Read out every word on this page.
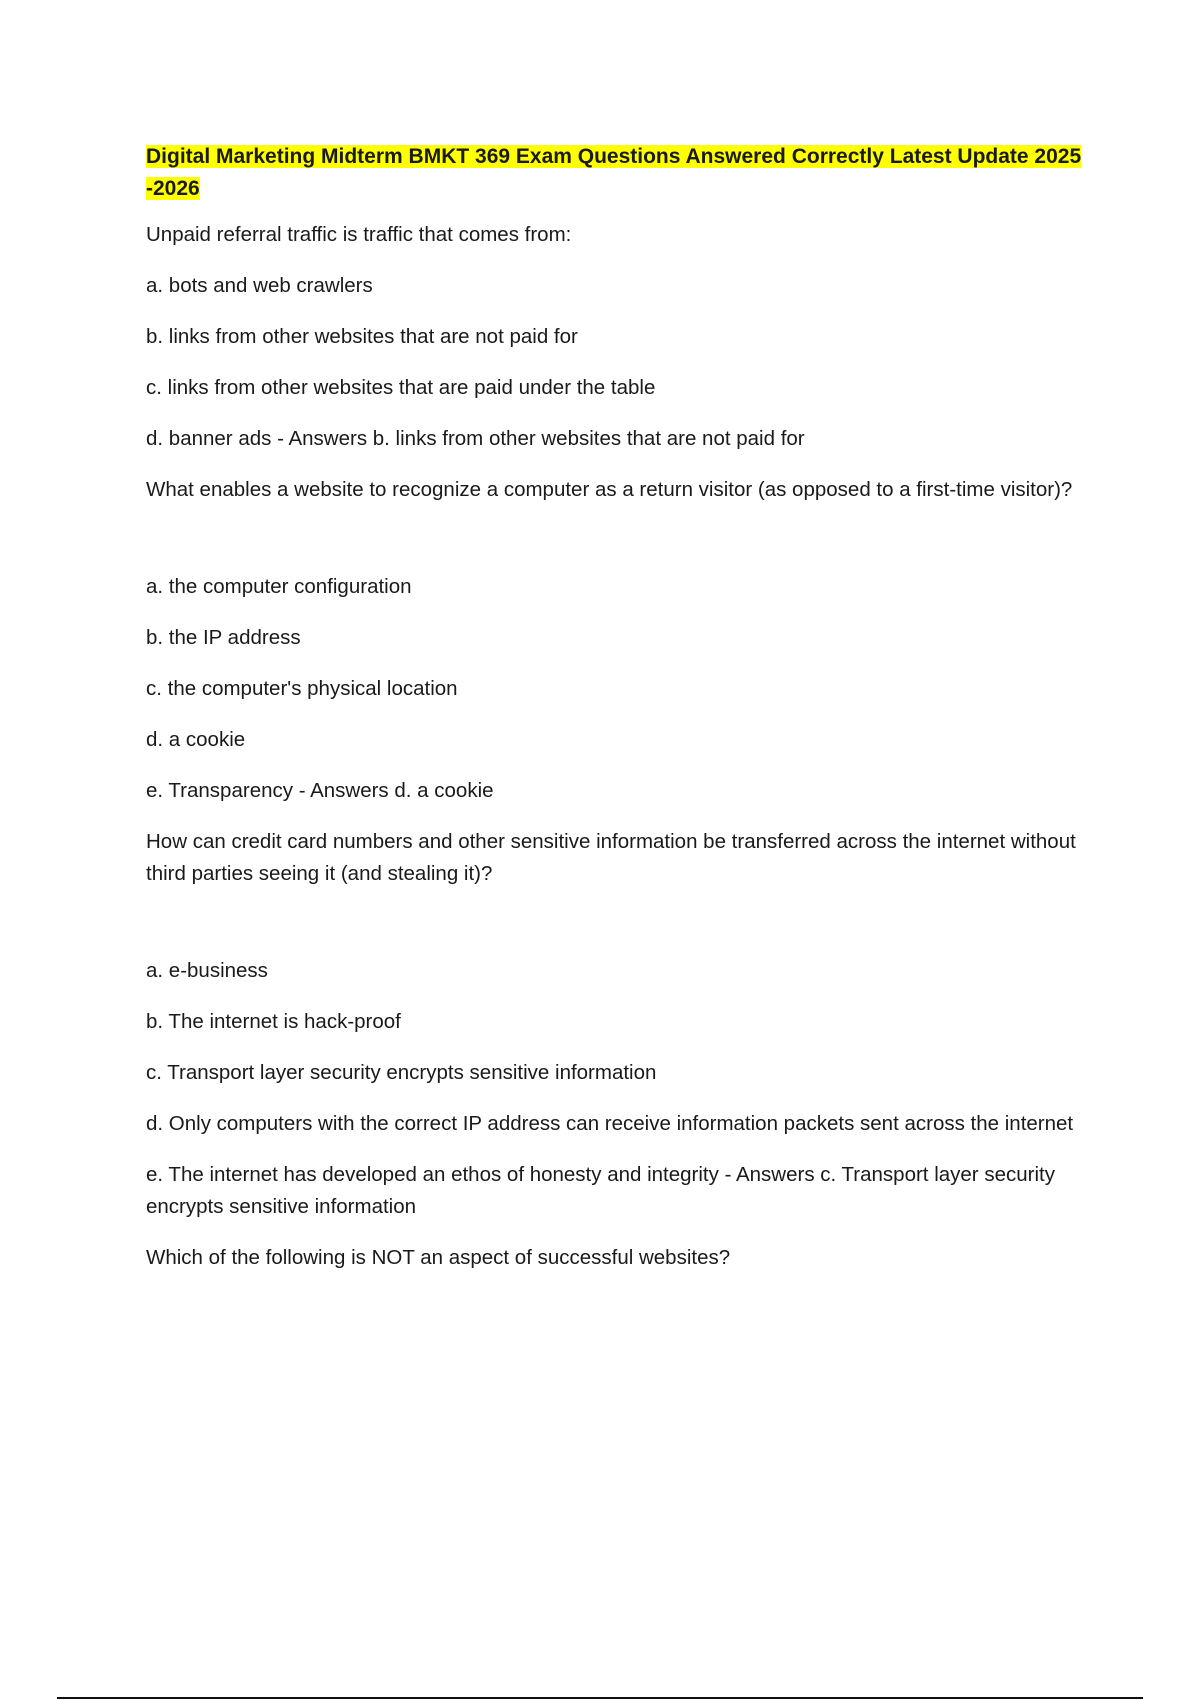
Digital Marketing Midterm BMKT 369 Exam Questions Answered Correctly Latest Update 2025 -2026
Unpaid referral traffic is traffic that comes from:
a. bots and web crawlers
b. links from other websites that are not paid for
c. links from other websites that are paid under the table
d. banner ads - Answers b. links from other websites that are not paid for
What enables a website to recognize a computer as a return visitor (as opposed to a first-time visitor)?
a. the computer configuration
b. the IP address
c. the computer's physical location
d. a cookie
e. Transparency - Answers d. a cookie
How can credit card numbers and other sensitive information be transferred across the internet without third parties seeing it (and stealing it)?
a. e-business
b. The internet is hack-proof
c. Transport layer security encrypts sensitive information
d. Only computers with the correct IP address can receive information packets sent across the internet
e. The internet has developed an ethos of honesty and integrity - Answers c. Transport layer security encrypts sensitive information
Which of the following is NOT an aspect of successful websites?
